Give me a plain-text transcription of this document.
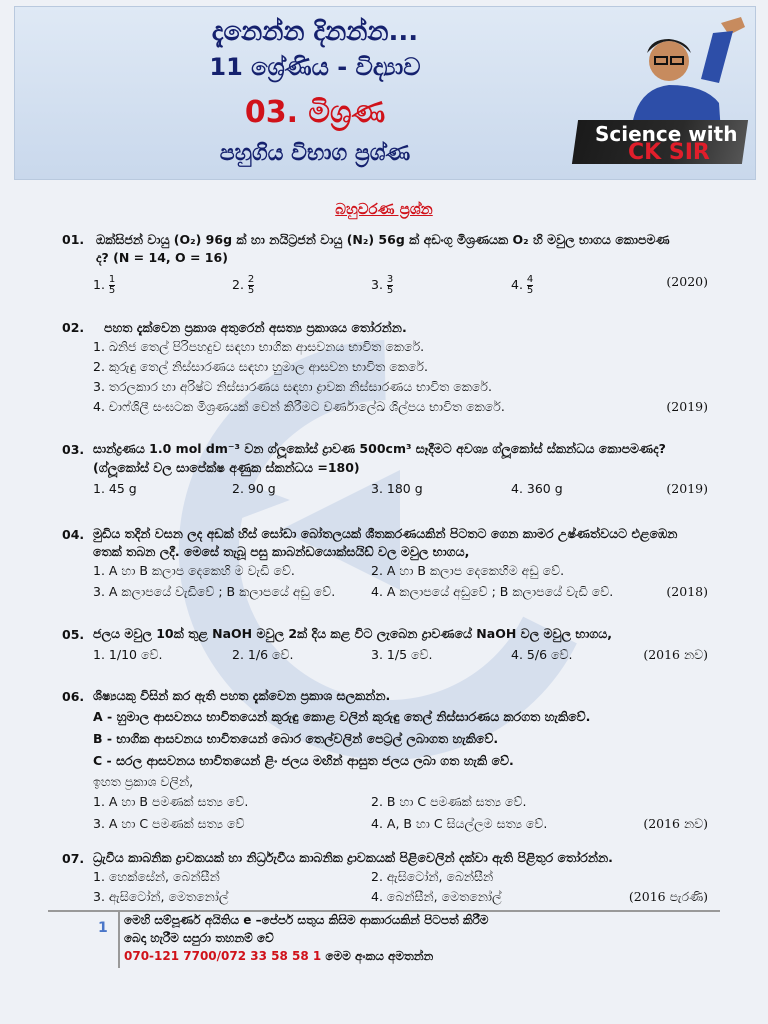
දැනෙන්න දිනන්න...
11 ශ්‍රේණිය - විද්‍යාව
03. මිශ්‍රණ
පහුගිය විභාග ප්‍රශ්ණ
Science with
CK SIR
බහුවරණ ප්‍රශ්න
01. ඔක්සිජන් වායු (O₂) 96g ක් හා නයිට්‍රජන් වායු (N₂) 56g ක් අඩංගු මිශ්‍රණයක O₂ හි මවුල භාගය කොපමණ
ද? (N = 14, O = 16)
1. $\frac{1}{5}$	2. $\frac{2}{5}$	3. $\frac{3}{5}$	4. $\frac{4}{5}$	(2020)
02. පහත දැක්වෙන ප්‍රකාශ අතුරෙන් අසත්‍ය ප්‍රකාශය තෝරන්න.
1. ඛනිජ තෙල් පිරිපහදුව සඳහා භාගික ආසවනය භාවිත කෙරේ.
2. කුරුඳු තෙල් නිස්සාරණය සඳහා හුමාල ආසවන භාවිත කෙරේ.
3. තරලකාර හා අරිෂ්ට නිස්සාරණය සඳහා ද්‍රාවක නිස්සාරණය භාවිත කෙරේ.
4. චාෆ්ශිලී සංඝටක මිශ්‍රණයක් වෙන් කිරීමට වර්ණාලේඛ ශිල්පය භාවිත කෙරේ.	(2019)
03. සාන්ද්‍රණය 1.0 mol dm⁻³ වන ග්ලූකෝස් ද්‍රාවණ 500cm³ සෑදීමට අවශ්‍ය ග්ලූකෝස් ස්කන්ධය කොපමණද?
(ග්ලූකෝස් වල සාපේක්ෂ අණුක ස්කන්ධය =180)
1. 45 g	2. 90 g	3. 180 g	4. 360 g	(2019)
04. මුඩිය තදින් වසන ලද අඩක් හිස් සෝඩා බෝතලයක් ශීතකරණයකින් පිටතට ගෙන කාමර උෂ්ණත්වයට එළඹෙන
තෙක් තබන ලදී. මෙසේ තැබූ පසු කාබන්ඩයොක්සයිඩ් වල මවුල භාගය,
1. A හා B කලාප දෙකෙහි ම වැඩි වේ.	2. A හා B කලාප දෙකෙහිම අඩු වේ.
3. A කලාපයේ වැඩිවේ ; B කලාපයේ අඩු වේ.	4. A කලාපයේ අඩුවේ ; B කලාපයේ වැඩි වේ.	(2018)
05. ජලය මවුල 10ක් තුළ NaOH මවුල 2ක් දිය කළ විට ලැබෙන ද්‍රාවණයේ NaOH වල මවුල භාගය,
1. 1/10 වේ.	2. 1/6 වේ.	3. 1/5 වේ.	4. 5/6 වේ.	(2016 නව)
06. ශිෂ්‍යයකු විසින් කර ඇති පහත දැක්වෙන ප්‍රකාශ සලකන්න.
A - හුමාල ආසවනය භාවිතයෙන් කුරුඳු කොළ වලින් කුරුඳු තෙල් නිස්සාරණය කරගත හැකිවේ.
B - භාගික ආසවනය භාවිතයෙන් බොර තෙල්වලින් පෙට්‍රල් ලබාගත හැකිවේ.
C - සරල ආසවනය භාවිතයෙන් ළිං ජලය මඟින් ආසුත ජලය ලබා ගත හැකි වේ.
ඉහත ප්‍රකාශ වලින්,
1. A හා B පමණක් සත්‍ය වේ.	2. B හා C පමණක් සත්‍ය වේ.
3. A හා C පමණක් සත්‍ය වේ	4. A, B හා C සියල්ලම සත්‍ය වේ.	(2016 නව)
07. ධ්‍රැවීය කාබනික ද්‍රාවකයක් හා නිර්ධ්‍රැවීය කාබනික ද්‍රාවකයක් පිළිවෙලින් දක්වා ඇති පිළිතුර තෝරන්න.
1. හෙක්සේන්, බෙන්සීන්	2. ඇසිටෝන්, බෙන්සීන්
3. ඇසිටෝන්, මෙතනෝල්	4. බෙන්සීන්, මෙතනෝල්	(2016 පැරණි)
1 මෙහි සම්පූර්ණ අයිතිය e –පේපර් සතුය කිසිම ආකාරයකින් පිටපත් කිරීම
බෙදා හැරීම සපුරා තහනම් වේ
070-121 7700/072 33 58 58 1 මෙම අංකය අමතන්න
